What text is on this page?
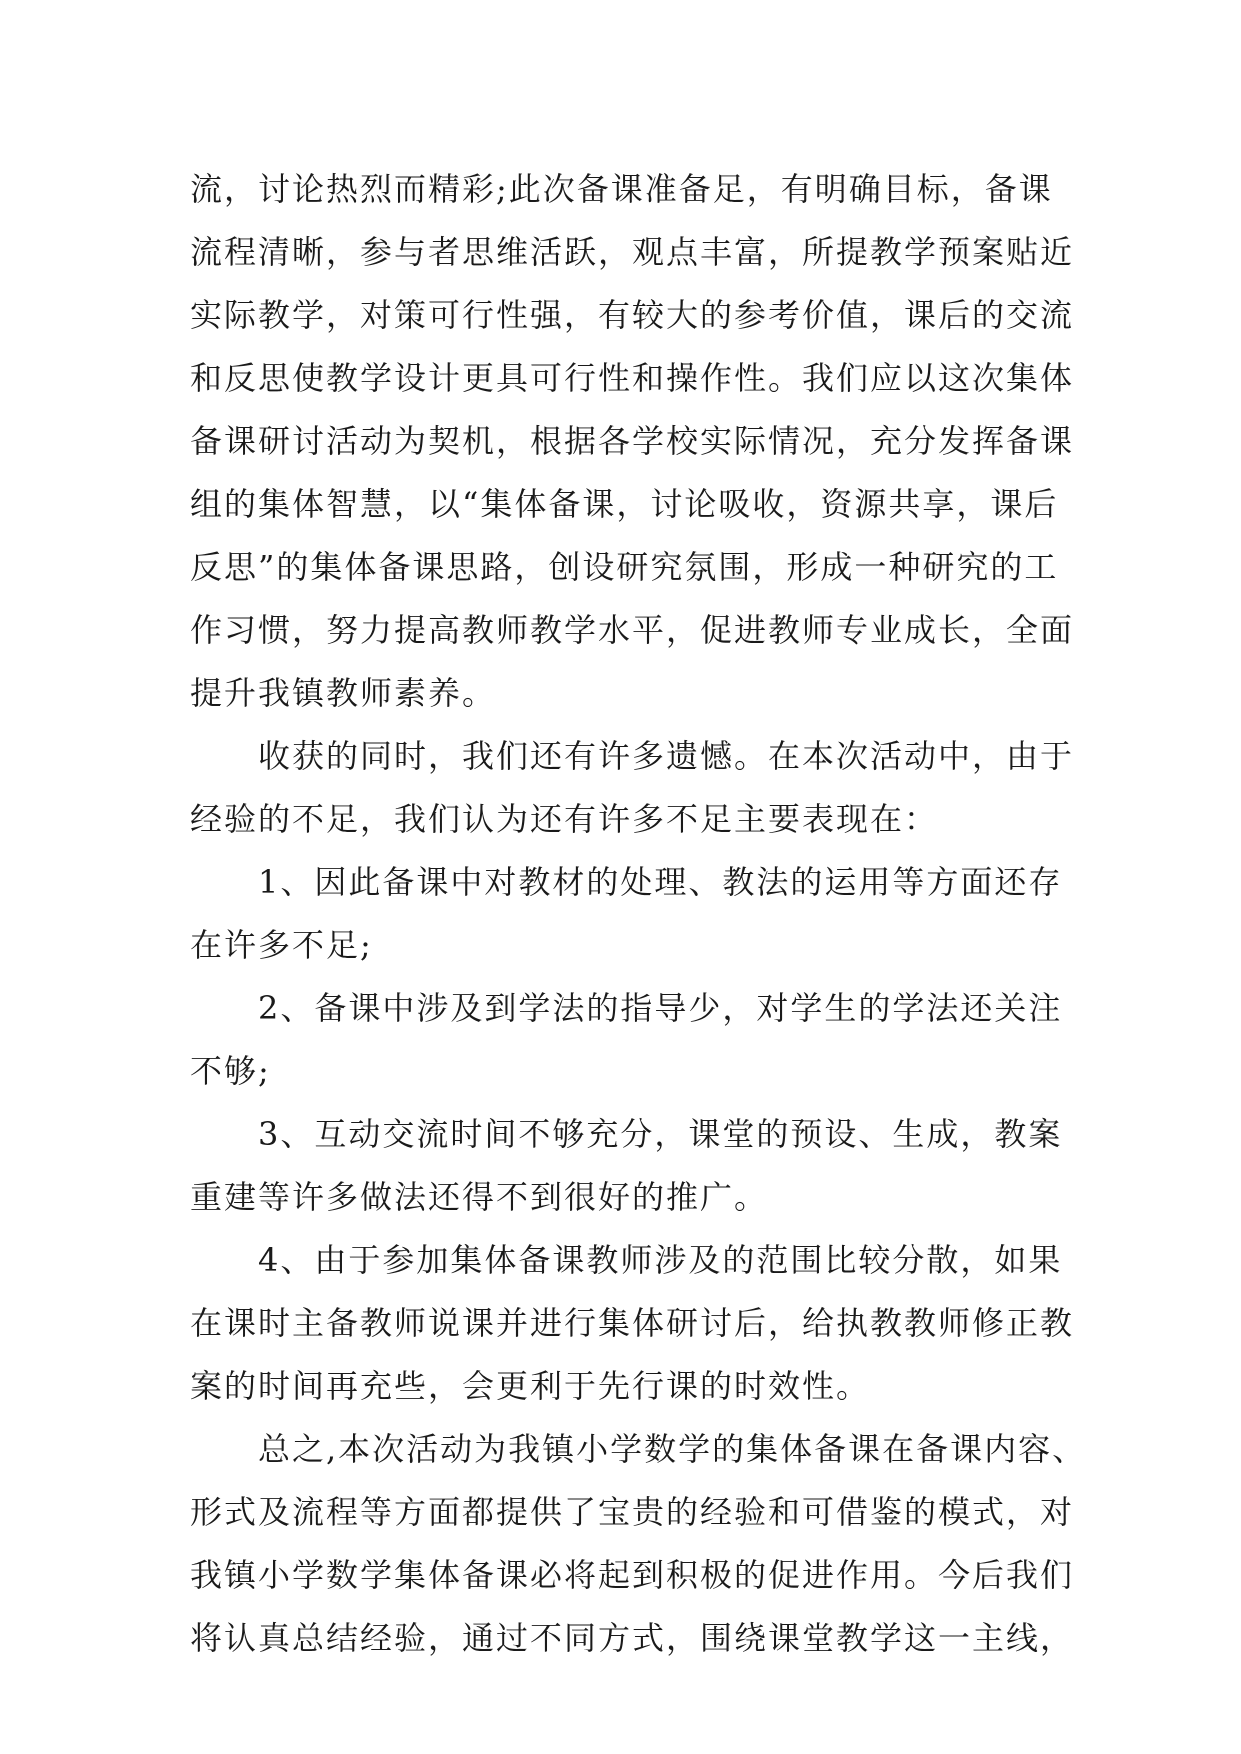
流，讨论热烈而精彩;此次备课准备足，有明确目标，备课

流程清晰，参与者思维活跃，观点丰富，所提教学预案贴近

实际教学，对策可行性强，有较大的参考价值，课后的交流

和反思使教学设计更具可行性和操作性。我们应以这次集体

备课研讨活动为契机，根据各学校实际情况，充分发挥备课

组的集体智慧，以“集体备课，讨论吸收，资源共享，课后

反思”的集体备课思路，创设研究氛围，形成一种研究的工

作习惯，努力提高教师教学水平，促进教师专业成长，全面

提升我镇教师素养。

收获的同时，我们还有许多遗憾。在本次活动中，由于

经验的不足，我们认为还有许多不足主要表现在：

1、因此备课中对教材的处理、教法的运用等方面还存

在许多不足;

2、备课中涉及到学法的指导少，对学生的学法还关注

不够;

3、互动交流时间不够充分，课堂的预设、生成，教案

重建等许多做法还得不到很好的推广。

4、由于参加集体备课教师涉及的范围比较分散，如果

在课时主备教师说课并进行集体研讨后，给执教教师修正教

案的时间再充些，会更利于先行课的时效性。

总之,本次活动为我镇小学数学的集体备课在备课内容、

形式及流程等方面都提供了宝贵的经验和可借鉴的模式，对

我镇小学数学集体备课必将起到积极的促进作用。今后我们

将认真总结经验，通过不同方式，围绕课堂教学这一主线，
